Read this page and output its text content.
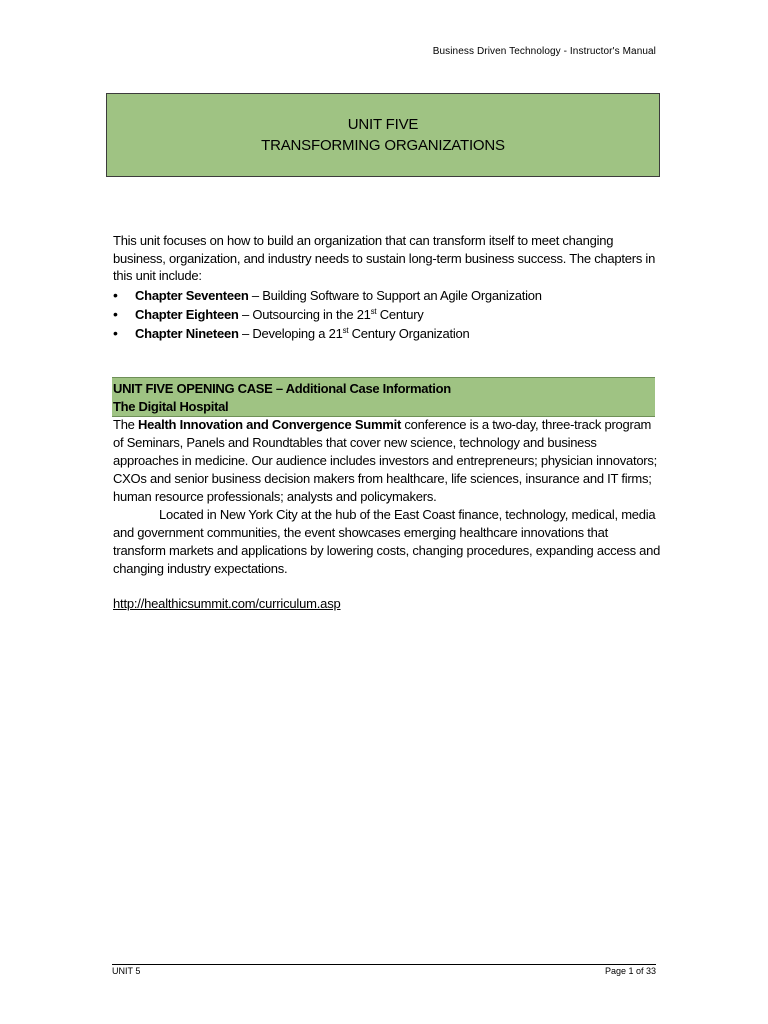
Business Driven Technology - Instructor's Manual
UNIT FIVE
TRANSFORMING ORGANIZATIONS

This unit focuses on how to build an organization that can transform itself to meet changing business, organization, and industry needs to sustain long-term business success. The chapters in this unit include:

• Chapter Seventeen – Building Software to Support an Agile Organization
• Chapter Eighteen – Outsourcing in the 21st Century
• Chapter Nineteen – Developing a 21st Century Organization
UNIT FIVE OPENING CASE – Additional Case Information
The Digital Hospital

The Health Innovation and Convergence Summit conference is a two-day, three-track program of Seminars, Panels and Roundtables that cover new science, technology and business approaches in medicine. Our audience includes investors and entrepreneurs; physician innovators; CXOs and senior business decision makers from healthcare, life sciences, insurance and IT firms; human resource professionals; analysts and policymakers.

Located in New York City at the hub of the East Coast finance, technology, medical, media and government communities, the event showcases emerging healthcare innovations that transform markets and applications by lowering costs, changing procedures, expanding access and changing industry expectations.

http://healthicsummit.com/curriculum.asp
UNIT 5	Page 1 of 33
